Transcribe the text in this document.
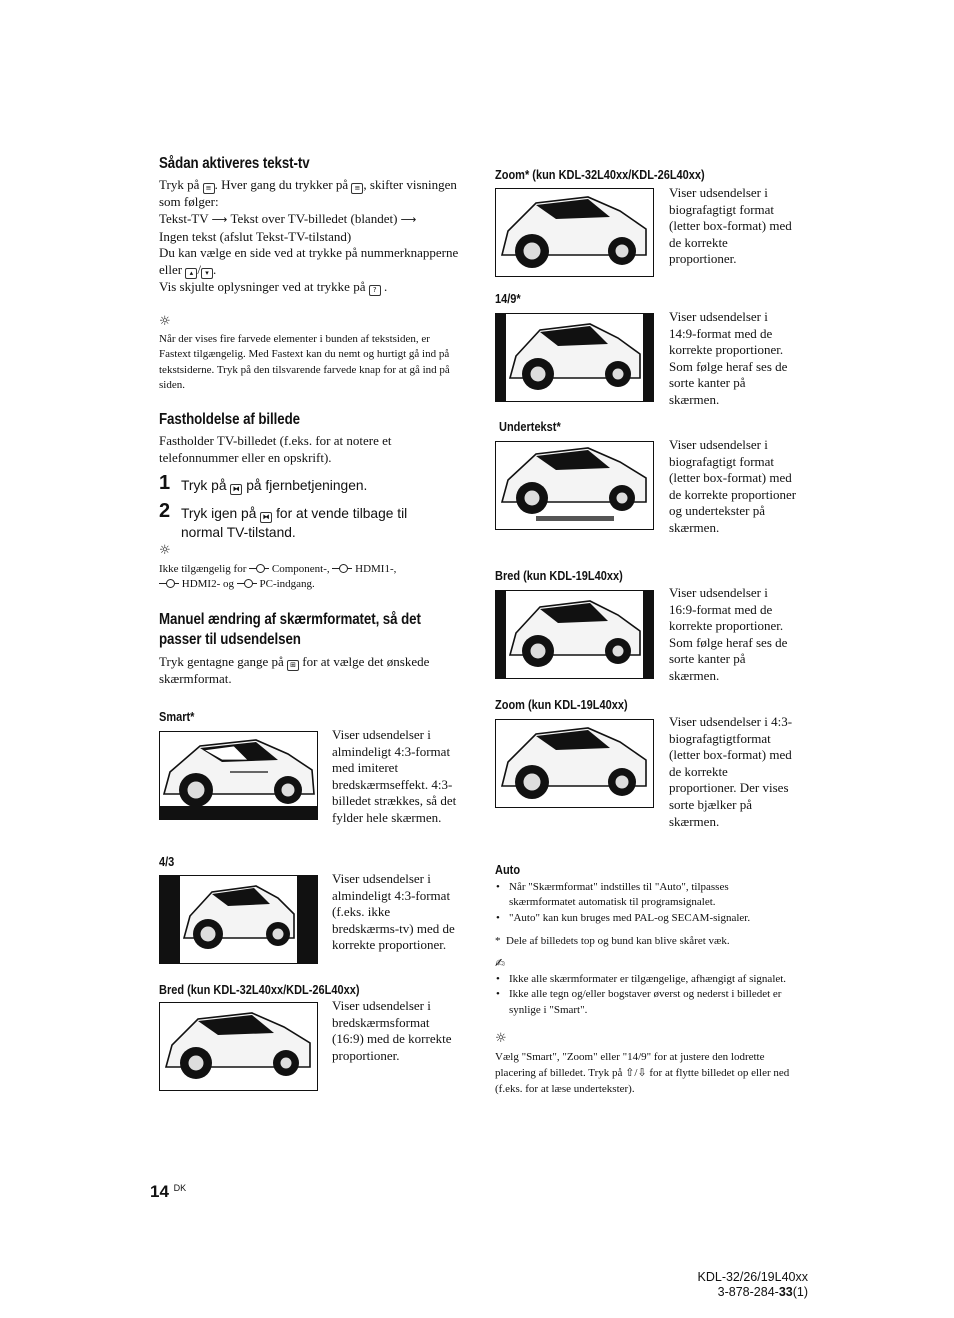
Sådan aktiveres tekst-tv
Tryk på ≡ . Hver gang du trykker på ≡ , skifter visningen som følger:
Tekst-TV ⟶ Tekst over TV-billedet (blandet) ⟶
Ingen tekst (afslut Tekst-TV-tilstand)
Du kan vælge en side ved at trykke på nummerknapperne eller ▴ / ▾ .
Vis skjulte oplysninger ved at trykke på ? .
☼
Når der vises fire farvede elementer i bunden af tekstsiden, er Fastext tilgængelig. Med Fastext kan du nemt og hurtigt gå ind på tekstsiderne. Tryk på den tilsvarende farvede knap for at gå ind på siden.
Fastholdelse af billede
Fastholder TV-billedet (f.eks. for at notere et telefonnummer eller en opskrift).
1 Tryk på ⧓ på fjernbetjeningen.
2 Tryk igen på ⧓ for at vende tilbage til normal TV-tilstand.
☼
Ikke tilgængelig for Component-, HDMI1-,
HDMI2- og PC-indgang.
Manuel ændring af skærmformatet, så det
passer til udsendelsen
Tryk gentagne gange på ⊞ for at vælge det ønskede skærmformat.
Smart*
Viser udsendelser i almindeligt 4:3-format med imiteret bredskærmseffekt. 4:3-billedet strækkes, så det fylder hele skærmen.
4/3
Viser udsendelser i almindeligt 4:3-format (f.eks. ikke bredskærms-tv) med de korrekte proportioner.
Bred (kun KDL-32L40xx/KDL-26L40xx)
Viser udsendelser i bredskærmsformat (16:9) med de korrekte proportioner.
Zoom* (kun KDL-32L40xx/KDL-26L40xx)
Viser udsendelser i biografagtigt format (letter box-format) med de korrekte proportioner.
14/9*
Viser udsendelser i 14:9-format med de korrekte proportioner. Som følge heraf ses de sorte kanter på skærmen.
Undertekst*
Viser udsendelser i biografagtigt format (letter box-format) med de korrekte proportioner og undertekster på skærmen.
Bred (kun KDL-19L40xx)
Viser udsendelser i 16:9-format med de korrekte proportioner. Som følge heraf ses de sorte kanter på skærmen.
Zoom (kun KDL-19L40xx)
Viser udsendelser i 4:3-biografagtigtformat (letter box-format) med de korrekte proportioner. Der vises sorte bjælker på skærmen.
Auto
• Når "Skærmformat" indstilles til "Auto", tilpasses skærmformatet automatisk til programsignalet.
• "Auto" kan kun bruges med PAL-og SECAM-signaler.
* Dele af billedets top og bund kan blive skåret væk.
✍
• Ikke alle skærmformater er tilgængelige, afhængigt af signalet.
• Ikke alle tegn og/eller bogstaver øverst og nederst i billedet er synlige i "Smart".
☼
Vælg "Smart", "Zoom" eller "14/9" for at justere den lodrette placering af billedet. Tryk på ⇧/⇩ for at flytte billedet op eller ned (f.eks. for at læse undertekster).
14 $^{DK}$
KDL-32/26/19L40xx
3-878-284-33(1)
